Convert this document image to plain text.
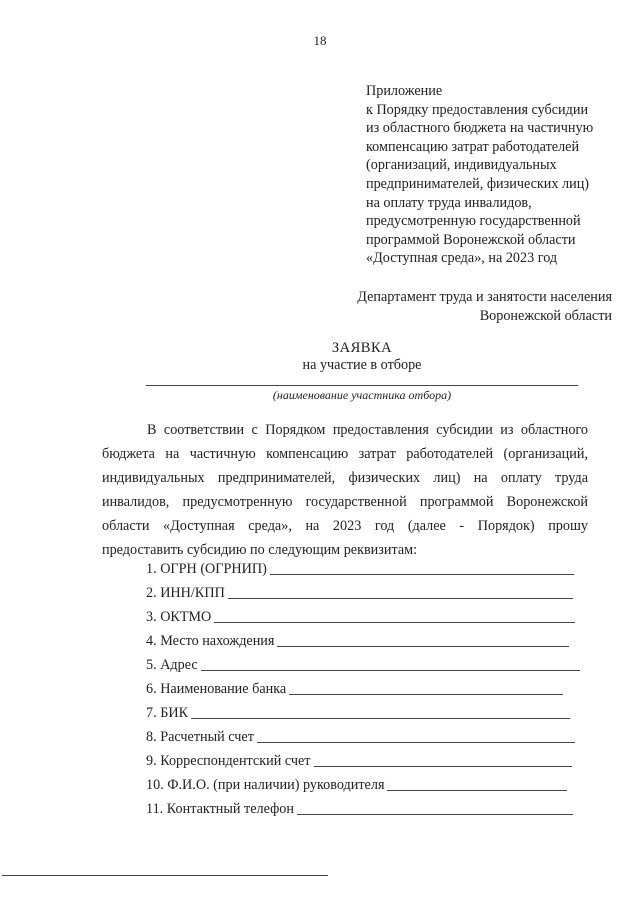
18
Приложение
к Порядку предоставления субсидии
из областного бюджета на частичную
компенсацию затрат работодателей
(организаций, индивидуальных
предпринимателей, физических лиц)
на оплату труда инвалидов,
предусмотренную государственной
программой Воронежской области
«Доступная среда», на 2023 год
Департамент труда и занятости населения
Воронежской области
ЗАЯВКА
на участие в отборе
(наименование участника отбора)
В соответствии с Порядком предоставления субсидии из областного
бюджета на частичную компенсацию затрат работодателей (организаций,
индивидуальных предпринимателей, физических лиц) на оплату труда
инвалидов, предусмотренную государственной программой Воронежской
области «Доступная среда», на 2023 год (далее - Порядок) прошу
предоставить субсидию по следующим реквизитам:
1. ОГРН (ОГРНИП)
2. ИНН/КПП
3. ОКТМО
4. Место нахождения
5. Адрес
6. Наименование банка
7. БИК
8. Расчетный счет
9. Корреспондентский счет
10. Ф.И.О. (при наличии) руководителя
11. Контактный телефон
